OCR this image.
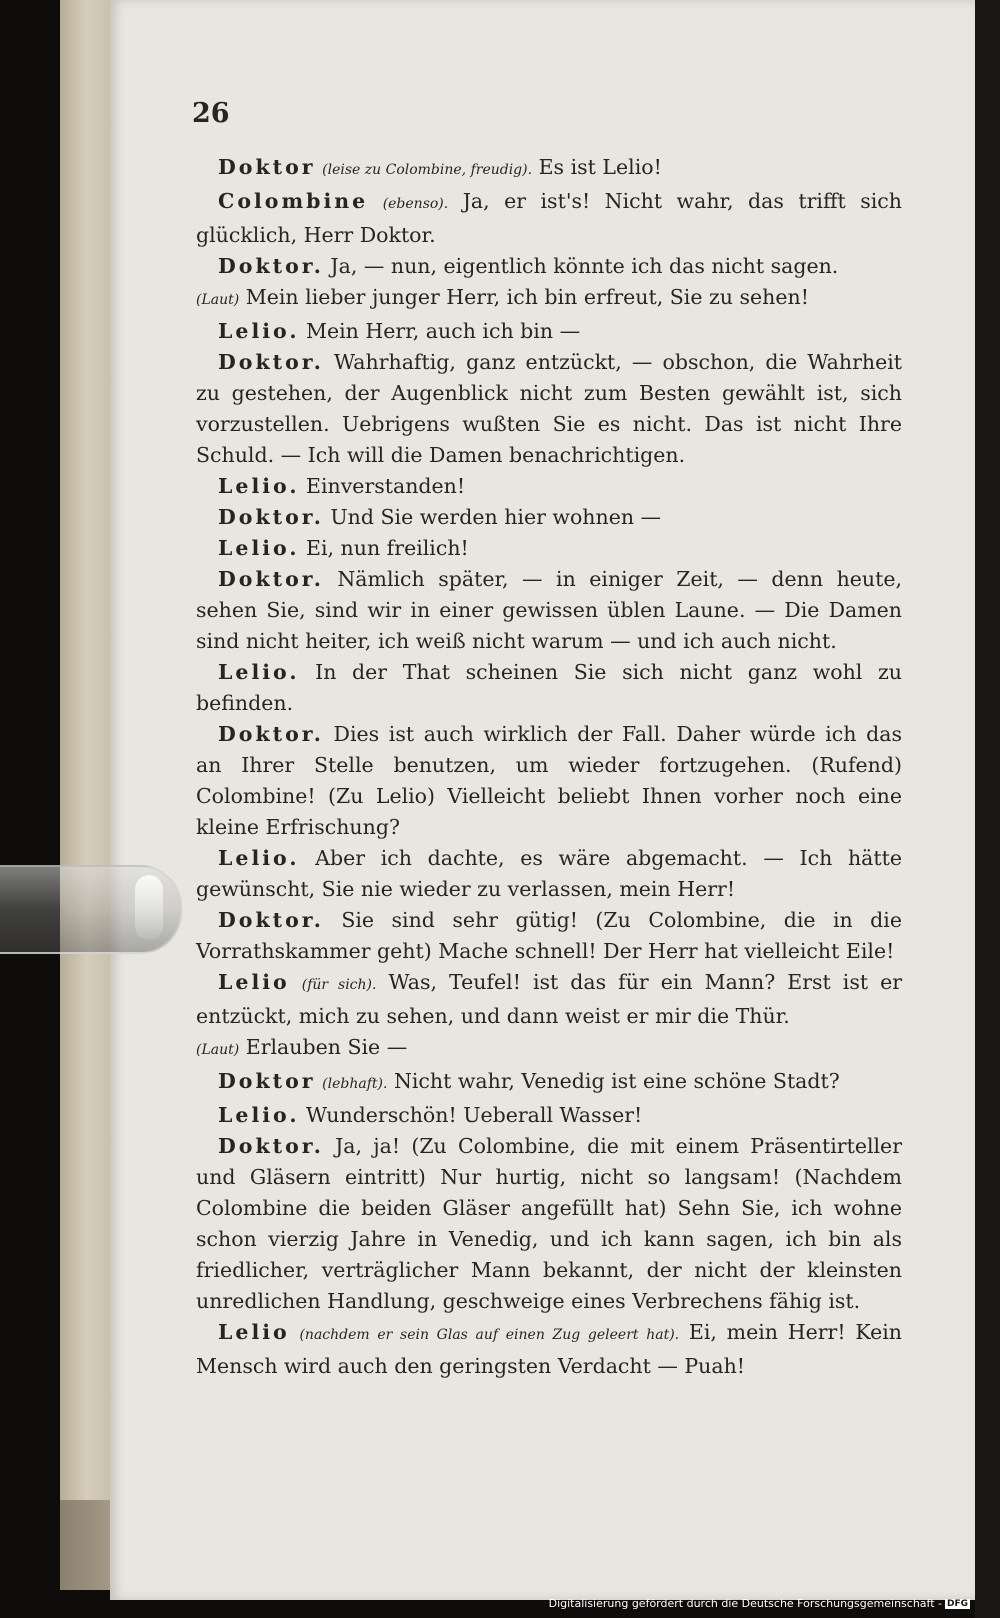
26

Doktor (leise zu Colombine, freudig). Es ist Lelio!

Colombine (ebenso). Ja, er ist's! Nicht wahr, das trifft sich glücklich, Herr Doktor.

Doktor. Ja, — nun, eigentlich könnte ich das nicht sagen.

(Laut) Mein lieber junger Herr, ich bin erfreut, Sie zu sehen!

Lelio. Mein Herr, auch ich bin —

Doktor. Wahrhaftig, ganz entzückt, — obschon, die Wahrheit zu gestehen, der Augenblick nicht zum Besten gewählt ist, sich vorzustellen. Uebrigens wußten Sie es nicht. Das ist nicht Ihre Schuld. — Ich will die Damen benachrichtigen.

Lelio. Einverstanden!

Doktor. Und Sie werden hier wohnen —

Lelio. Ei, nun freilich!

Doktor. Nämlich später, — in einiger Zeit, — denn heute, sehen Sie, sind wir in einer gewissen üblen Laune. — Die Damen sind nicht heiter, ich weiß nicht warum — und ich auch nicht.

Lelio. In der That scheinen Sie sich nicht ganz wohl zu befinden.

Doktor. Dies ist auch wirklich der Fall. Daher würde ich das an Ihrer Stelle benutzen, um wieder fortzugehen. (Rufend) Colombine! (Zu Lelio) Vielleicht beliebt Ihnen vorher noch eine kleine Erfrischung?

Lelio. Aber ich dachte, es wäre abgemacht. — Ich hätte gewünscht, Sie nie wieder zu verlassen, mein Herr!

Doktor. Sie sind sehr gütig! (Zu Colombine, die in die Vorrathskammer geht) Mache schnell! Der Herr hat vielleicht Eile!

Lelio (für sich). Was, Teufel! ist das für ein Mann? Erst ist er entzückt, mich zu sehen, und dann weist er mir die Thür.

(Laut) Erlauben Sie —

Doktor (lebhaft). Nicht wahr, Venedig ist eine schöne Stadt?

Lelio. Wunderschön! Ueberall Wasser!

Doktor. Ja, ja! (Zu Colombine, die mit einem Präsentirteller und Gläsern eintritt) Nur hurtig, nicht so langsam! (Nachdem Colombine die beiden Gläser angefüllt hat) Sehn Sie, ich wohne schon vierzig Jahre in Venedig, und ich kann sagen, ich bin als friedlicher, verträglicher Mann bekannt, der nicht der kleinsten unredlichen Handlung, geschweige eines Verbrechens fähig ist.

Lelio (nachdem er sein Glas auf einen Zug geleert hat). Ei, mein Herr! Kein Mensch wird auch den geringsten Verdacht — Puah!

Digitalisierung gefördert durch die Deutsche Forschungsgemeinschaft - DFG
